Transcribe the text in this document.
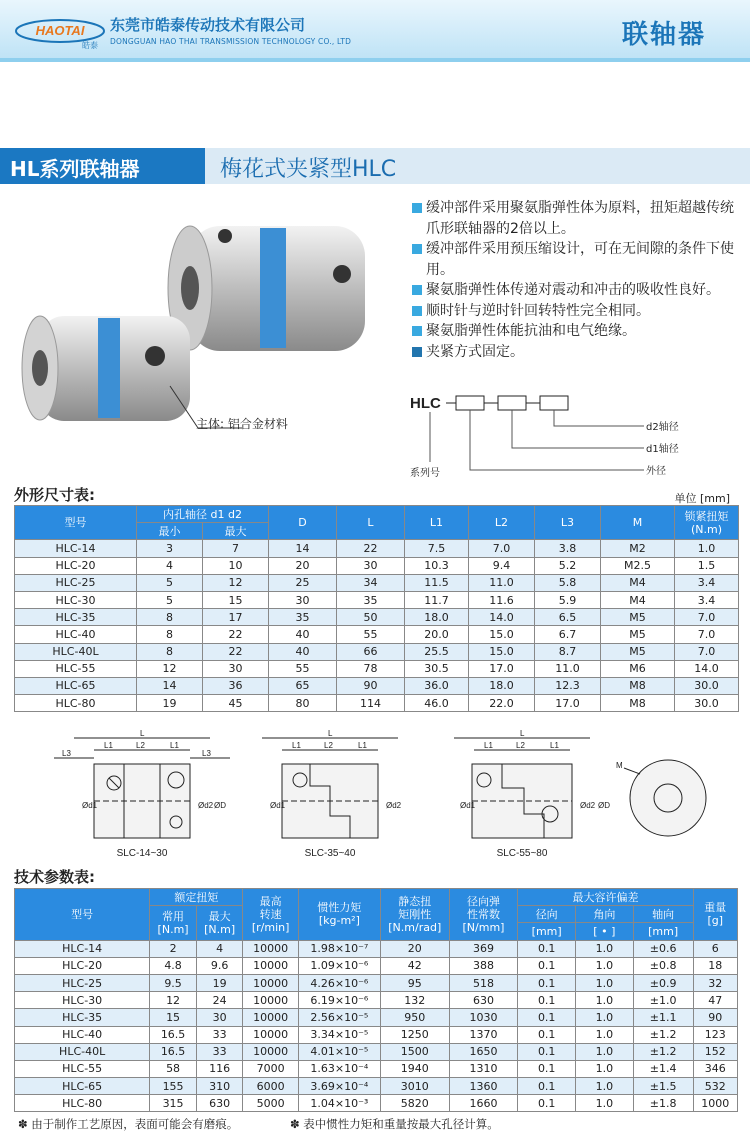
HAOTAI
皓泰
东莞市皓泰传动技术有限公司
DONGGUAN HAO THAI TRANSMISSION TECHNOLOGY CO., LTD	联轴器
HL系列联轴器	梅花式夹紧型HLC
主体: 铝合金材料
缓冲部件采用聚氨脂弹性体为原料，扭矩超越传统爪形联轴器的2倍以上。
缓冲部件采用预压缩设计，可在无间隙的条件下使用。
聚氨脂弹性体传递对震动和冲击的吸收性良好。
顺时针与逆时针回转特性完全相同。
聚氨脂弹性体能抗油和电气绝缘。
夹紧方式固定。
HLC
d2轴径
d1轴径
外径
系列号
外形尺寸表:	单位 [mm]
型号	内孔轴径 d1 d2		D	L	L1	L2	L3	M	锁紧扭矩
(N.m)
	最小	最大							
HLC-14	3	7	14	22	7.5	7.0	3.8	M2	1.0
HLC-20	4	10	20	30	10.3	9.4	5.2	M2.5	1.5
HLC-25	5	12	25	34	11.5	11.0	5.8	M4	3.4
HLC-30	5	15	30	35	11.7	11.6	5.9	M4	3.4
HLC-35	8	17	35	50	18.0	14.0	6.5	M5	7.0
HLC-40	8	22	40	55	20.0	15.0	6.7	M5	7.0
HLC-40L	8	22	40	66	25.5	15.0	8.7	M5	7.0
HLC-55	12	30	55	78	30.5	17.0	11.0	M6	14.0
HLC-65	14	36	65	90	36.0	18.0	12.3	M8	30.0
HLC-80	19	45	80	114	46.0	22.0	17.0	M8	30.0
SLC-14~30	SLC-35~40	SLC-55~80
L
L1	L2	L1
L3	L3
Ød1	Ød2 ØD
L
L1	L2	L1
Ød1	Ød2
L
L1	L2	L1
Ød1	Ød2 ØD
M
技术参数表:
型号	额定扭矩		最高
转速
[r/min]	惯性力矩
[kg-m²]	静态扭
矩刚性
[N.m/rad]	径向弹
性常数
[N/mm]	最大容许偏差			重量
[g]
	常用
[N.m]	最大
[N.m]					径向	角向	轴向	
							[mm]	[ • ]	[mm]	
HLC-14	2	4	10000	1.98×10⁻⁷	20	369	0.1	1.0	±0.6	6
HLC-20	4.8	9.6	10000	1.09×10⁻⁶	42	388	0.1	1.0	±0.8	18
HLC-25	9.5	19	10000	4.26×10⁻⁶	95	518	0.1	1.0	±0.9	32
HLC-30	12	24	10000	6.19×10⁻⁶	132	630	0.1	1.0	±1.0	47
HLC-35	15	30	10000	2.56×10⁻⁵	950	1030	0.1	1.0	±1.1	90
HLC-40	16.5	33	10000	3.34×10⁻⁵	1250	1370	0.1	1.0	±1.2	123
HLC-40L	16.5	33	10000	4.01×10⁻⁵	1500	1650	0.1	1.0	±1.2	152
HLC-55	58	116	7000	1.63×10⁻⁴	1940	1310	0.1	1.0	±1.4	346
HLC-65	155	310	6000	3.69×10⁻⁴	3010	1360	0.1	1.0	±1.5	532
HLC-80	315	630	5000	1.04×10⁻³	5820	1660	0.1	1.0	±1.8	1000
✽ 由于制作工艺原因，表面可能会有磨痕。	✽ 表中惯性力矩和重量按最大孔径计算。
